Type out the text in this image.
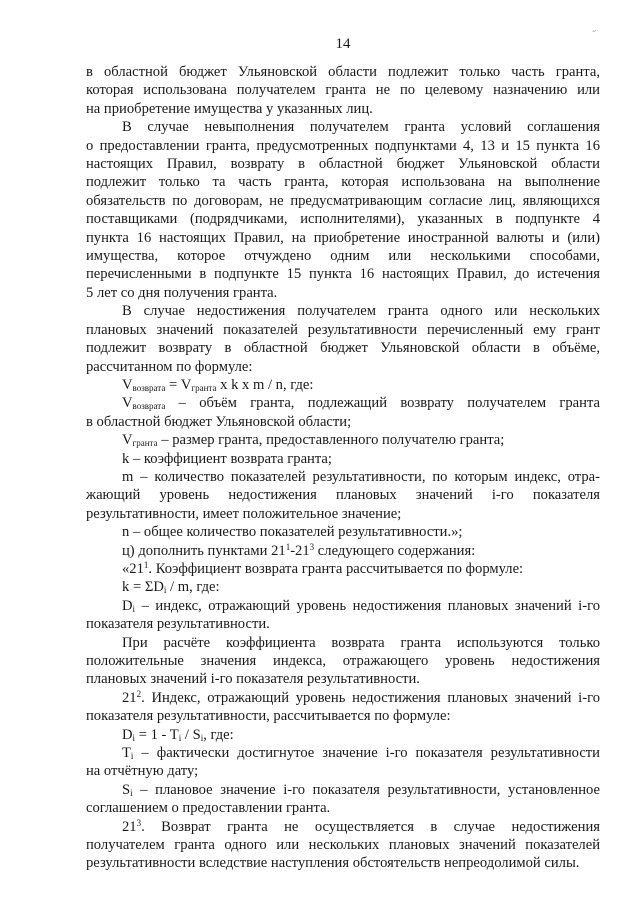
˝
14
в областной бюджет Ульяновской области подлежит только часть гранта,
которая использована получателем гранта не по целевому назначению или
на приобретение имущества у указанных лиц.
В случае невыполнения получателем гранта условий соглашения
о предоставлении гранта, предусмотренных подпунктами 4, 13 и 15 пункта 16
настоящих Правил, возврату в областной бюджет Ульяновской области
подлежит только та часть гранта, которая использована на выполнение
обязательств по договорам, не предусматривающим согласие лиц, являющихся
поставщиками (подрядчиками, исполнителями), указанных в подпункте 4
пункта 16 настоящих Правил, на приобретение иностранной валюты и (или)
имущества, которое отчуждено одним или несколькими способами,
перечисленными в подпункте 15 пункта 16 настоящих Правил, до истечения
5 лет со дня получения гранта.
В случае недостижения получателем гранта одного или нескольких
плановых значений показателей результативности перечисленный ему грант
подлежит возврату в областной бюджет Ульяновской области в объёме,
рассчитанном по формуле:
$V_{возврата} = V_{гранта}$ x k x m / n, где:
$V_{возврата}$ – объём гранта, подлежащий возврату получателем гранта
в областной бюджет Ульяновской области;
$V_{гранта}$ – размер гранта, предоставленного получателю гранта;
k – коэффициент возврата гранта;
m – количество показателей результативности, по которым индекс, отра-
жающий уровень недостижения плановых значений i-го показателя
результативности, имеет положительное значение;
n – общее количество показателей результативности.»;
ц) дополнить пунктами $21^1-21^3$ следующего содержания:
«$21^1$. Коэффициент возврата гранта рассчитывается по формуле:
$k = \Sigma D_i / m$, где:
$D_i$ – индекс, отражающий уровень недостижения плановых значений i-го
показателя результативности.
При расчёте коэффициента возврата гранта используются только
положительные значения индекса, отражающего уровень недостижения
плановых значений i-го показателя результативности.
$21^2$. Индекс, отражающий уровень недостижения плановых значений i-го
показателя результативности, рассчитывается по формуле:
$D_i = 1 - T_i / S_i$, где:
$T_i$ – фактически достигнутое значение i-го показателя результативности
на отчётную дату;
$S_i$ – плановое значение i-го показателя результативности, установленное
соглашением о предоставлении гранта.
$21^3$. Возврат гранта не осуществляется в случае недостижения
получателем гранта одного или нескольких плановых значений показателей
результативности вследствие наступления обстоятельств непреодолимой силы.
